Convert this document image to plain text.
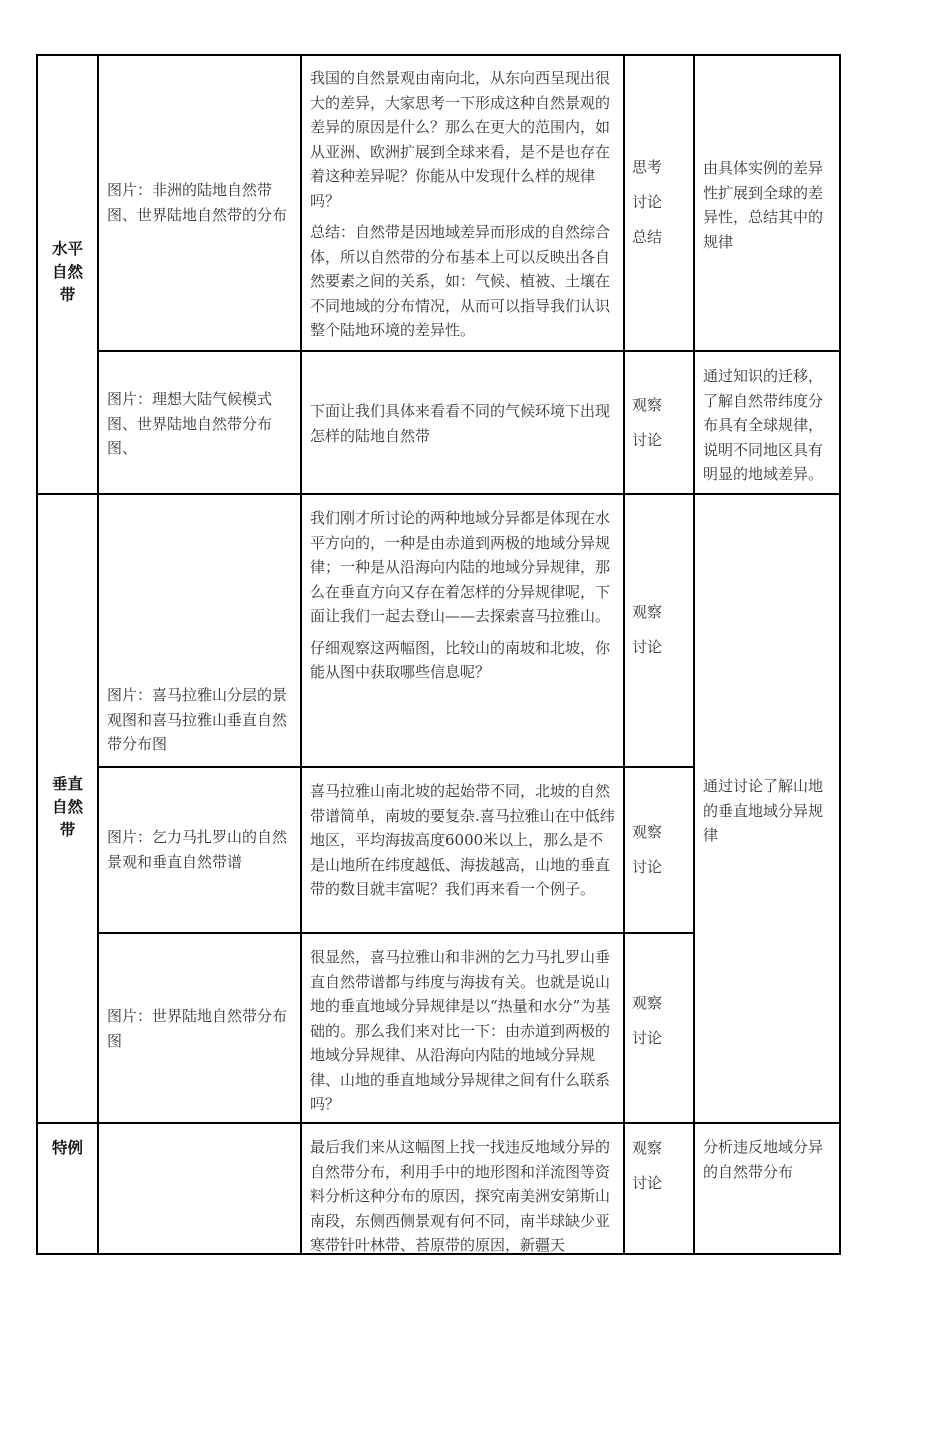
水平
自然
带

图片：非洲的陆地自然带图、世界陆地自然带的分布

我国的自然景观由南向北，从东向西呈现出很大的差异，大家思考一下形成这种自然景观的差异的原因是什么？那么在更大的范围内，如从亚洲、欧洲扩展到全球来看，是不是也存在着这种差异呢？你能从中发现什么样的规律吗？

总结：自然带是因地域差异而形成的自然综合体，所以自然带的分布基本上可以反映出各自然要素之间的关系，如：气候、植被、土壤在不同地域的分布情况，从而可以指导我们认识整个陆地环境的差异性。

思考

讨论

总结

由具体实例的差异性扩展到全球的差异性，总结其中的规律

图片：理想大陆气候模式图、世界陆地自然带分布图、

下面让我们具体来看看不同的气候环境下出现怎样的陆地自然带

观察

讨论

通过知识的迁移，了解自然带纬度分布具有全球规律，说明不同地区具有明显的地域差异。

垂直
自然
带

图片：喜马拉雅山分层的景观图和喜马拉雅山垂直自然带分布图

我们刚才所讨论的两种地域分异都是体现在水平方向的，一种是由赤道到两极的地域分异规律；一种是从沿海向内陆的地域分异规律，那么在垂直方向又存在着怎样的分异规律呢，下面让我们一起去登山——去探索喜马拉雅山。

仔细观察这两幅图，比较山的南坡和北坡，你能从图中获取哪些信息呢？

观察

讨论

图片：乞力马扎罗山的自然景观和垂直自然带谱

喜马拉雅山南北坡的起始带不同，北坡的自然带谱简单，南坡的要复杂.喜马拉雅山在中低纬地区，平均海拔高度6000米以上，那么是不是山地所在纬度越低、海拔越高，山地的垂直带的数目就丰富呢？我们再来看一个例子。

观察

讨论

通过讨论了解山地的垂直地域分异规律

图片：世界陆地自然带分布图

很显然，喜马拉雅山和非洲的乞力马扎罗山垂直自然带谱都与纬度与海拔有关。也就是说山地的垂直地域分异规律是以“热量和水分”为基础的。那么我们来对比一下：由赤道到两极的地域分异规律、从沿海向内陆的地域分异规律、山地的垂直地域分异规律之间有什么联系吗？

观察

讨论

特例	最后我们来从这幅图上找一找违反地域分异的自然带分布，利用手中的地形图和洋流图等资料分析这种分布的原因，探究南美洲安第斯山南段，东侧西侧景观有何不同，南半球缺少亚寒带针叶林带、苔原带的原因，新疆天

观察

讨论

分析违反地域分异的自然带分布
